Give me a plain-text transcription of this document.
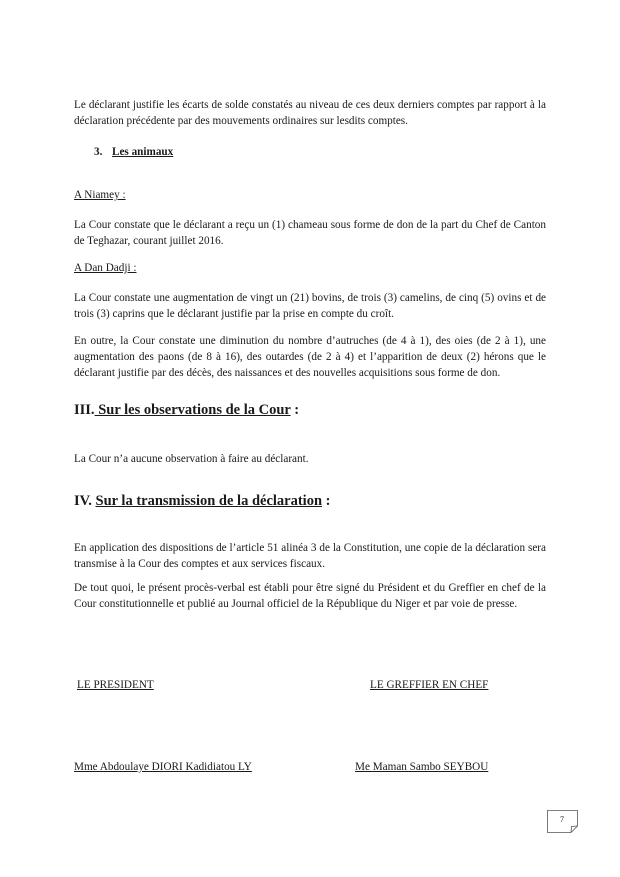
Le déclarant justifie les écarts de solde constatés au niveau de ces deux derniers comptes par rapport à la déclaration précédente par des mouvements ordinaires sur lesdits comptes.

3. Les animaux

A Niamey :

La Cour constate que le déclarant a reçu un (1) chameau sous forme de don de la part du Chef de Canton de Teghazar, courant juillet 2016.

A Dan Dadji :

La Cour constate une augmentation de vingt un (21) bovins, de trois (3) camelins, de cinq (5) ovins et de trois (3) caprins que le déclarant justifie par la prise en compte du croît.

En outre, la Cour constate une diminution du nombre d’autruches (de 4 à 1), des oies (de 2 à 1), une augmentation des paons (de 8 à 16), des outardes (de 2 à 4) et l’apparition de deux (2) hérons que le déclarant justifie par des décès, des naissances et des nouvelles acquisitions sous forme de don.

III. Sur les observations de la Cour :

La Cour n’a aucune observation à faire au déclarant.

IV. Sur la transmission de la déclaration :

En application des dispositions de l’article 51 alinéa 3 de la Constitution, une copie de la déclaration sera transmise à la Cour des comptes et aux services fiscaux.

De tout quoi, le présent procès-verbal est établi pour être signé du Président et du Greffier en chef de la Cour constitutionnelle et publié au Journal officiel de la République du Niger et par voie de presse.

LE PRESIDENT	LE GREFFIER EN CHEF

Mme Abdoulaye DIORI Kadidiatou LY	Me Maman Sambo SEYBOU

7
